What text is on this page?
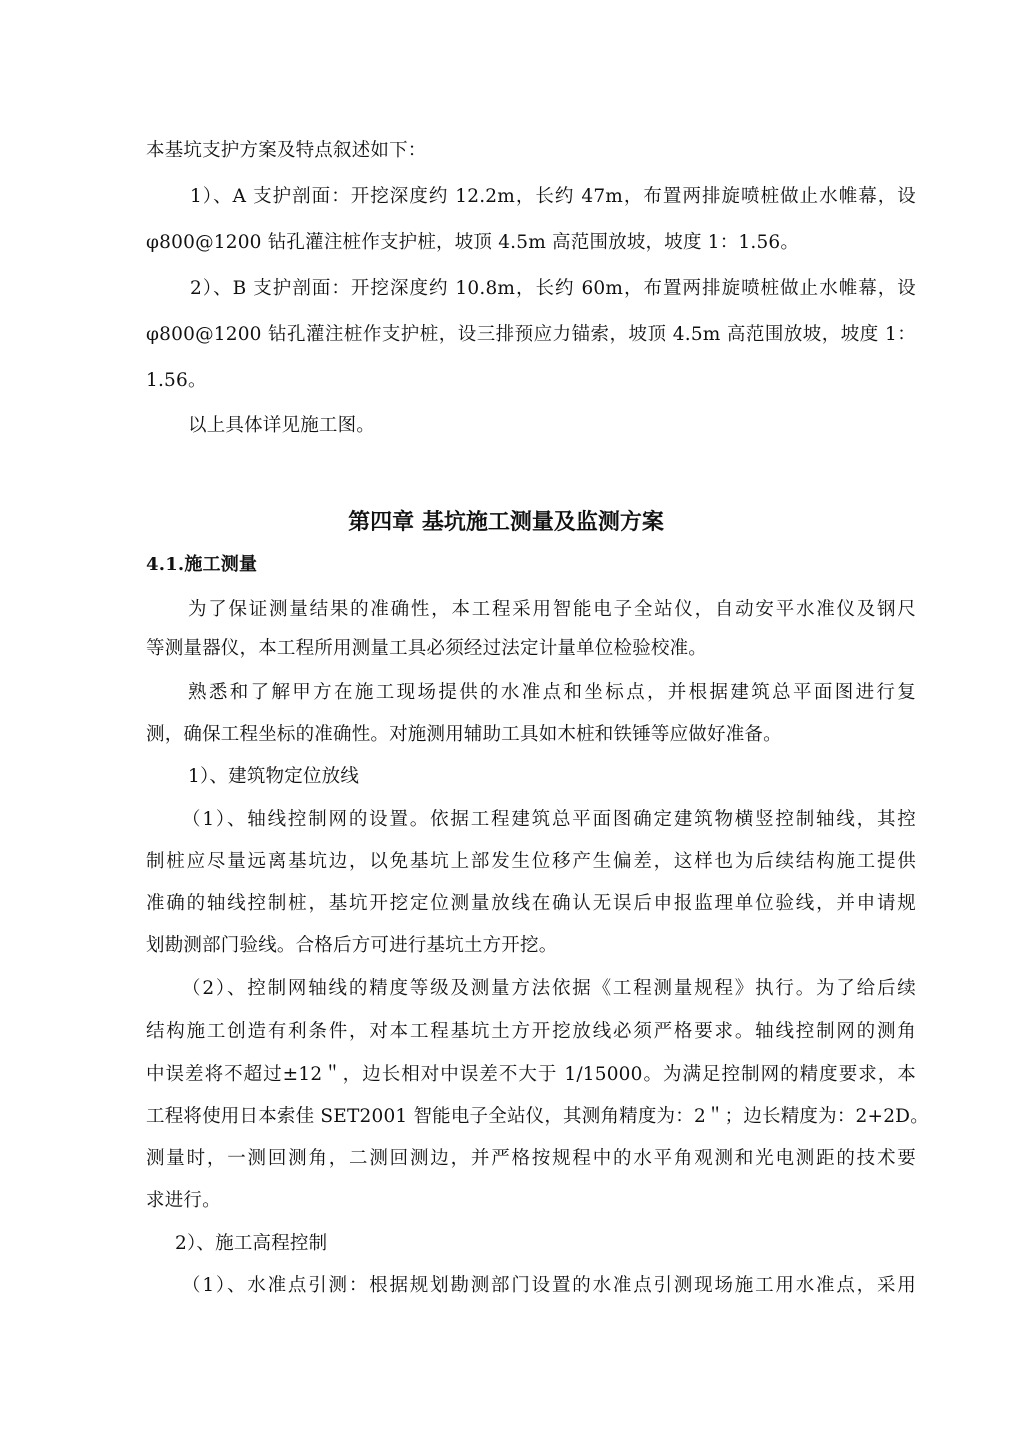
本基坑支护方案及特点叙述如下：
1）、A 支护剖面：开挖深度约 12.2m，长约 47m，布置两排旋喷桩做止水帷幕，设
φ800@1200 钻孔灌注桩作支护桩，坡顶 4.5m 高范围放坡，坡度 1：1.56。
2）、B 支护剖面：开挖深度约 10.8m，长约 60m，布置两排旋喷桩做止水帷幕，设
φ800@1200 钻孔灌注桩作支护桩，设三排预应力锚索，坡顶 4.5m 高范围放坡，坡度 1：
1.56。
以上具体详见施工图。
第四章 基坑施工测量及监测方案
4.1.施工测量
为了保证测量结果的准确性，本工程采用智能电子全站仪，自动安平水准仪及钢尺
等测量器仪，本工程所用测量工具必须经过法定计量单位检验校准。
熟悉和了解甲方在施工现场提供的水准点和坐标点，并根据建筑总平面图进行复
测，确保工程坐标的准确性。对施测用辅助工具如木桩和铁锤等应做好准备。
1）、建筑物定位放线
（1）、轴线控制网的设置。依据工程建筑总平面图确定建筑物横竖控制轴线，其控
制桩应尽量远离基坑边，以免基坑上部发生位移产生偏差，这样也为后续结构施工提供
准确的轴线控制桩，基坑开挖定位测量放线在确认无误后申报监理单位验线，并申请规
划勘测部门验线。合格后方可进行基坑土方开挖。
（2）、控制网轴线的精度等级及测量方法依据《工程测量规程》执行。为了给后续
结构施工创造有利条件，对本工程基坑土方开挖放线必须严格要求。轴线控制网的测角
中误差将不超过±12＂，边长相对中误差不大于 1/15000。为满足控制网的精度要求，本
工程将使用日本索佳 SET2001 智能电子全站仪，其测角精度为：2＂；边长精度为：2+2D。
测量时，一测回测角，二测回测边，并严格按规程中的水平角观测和光电测距的技术要
求进行。
2）、施工高程控制
（1）、水准点引测：根据规划勘测部门设置的水准点引测现场施工用水准点，采用
